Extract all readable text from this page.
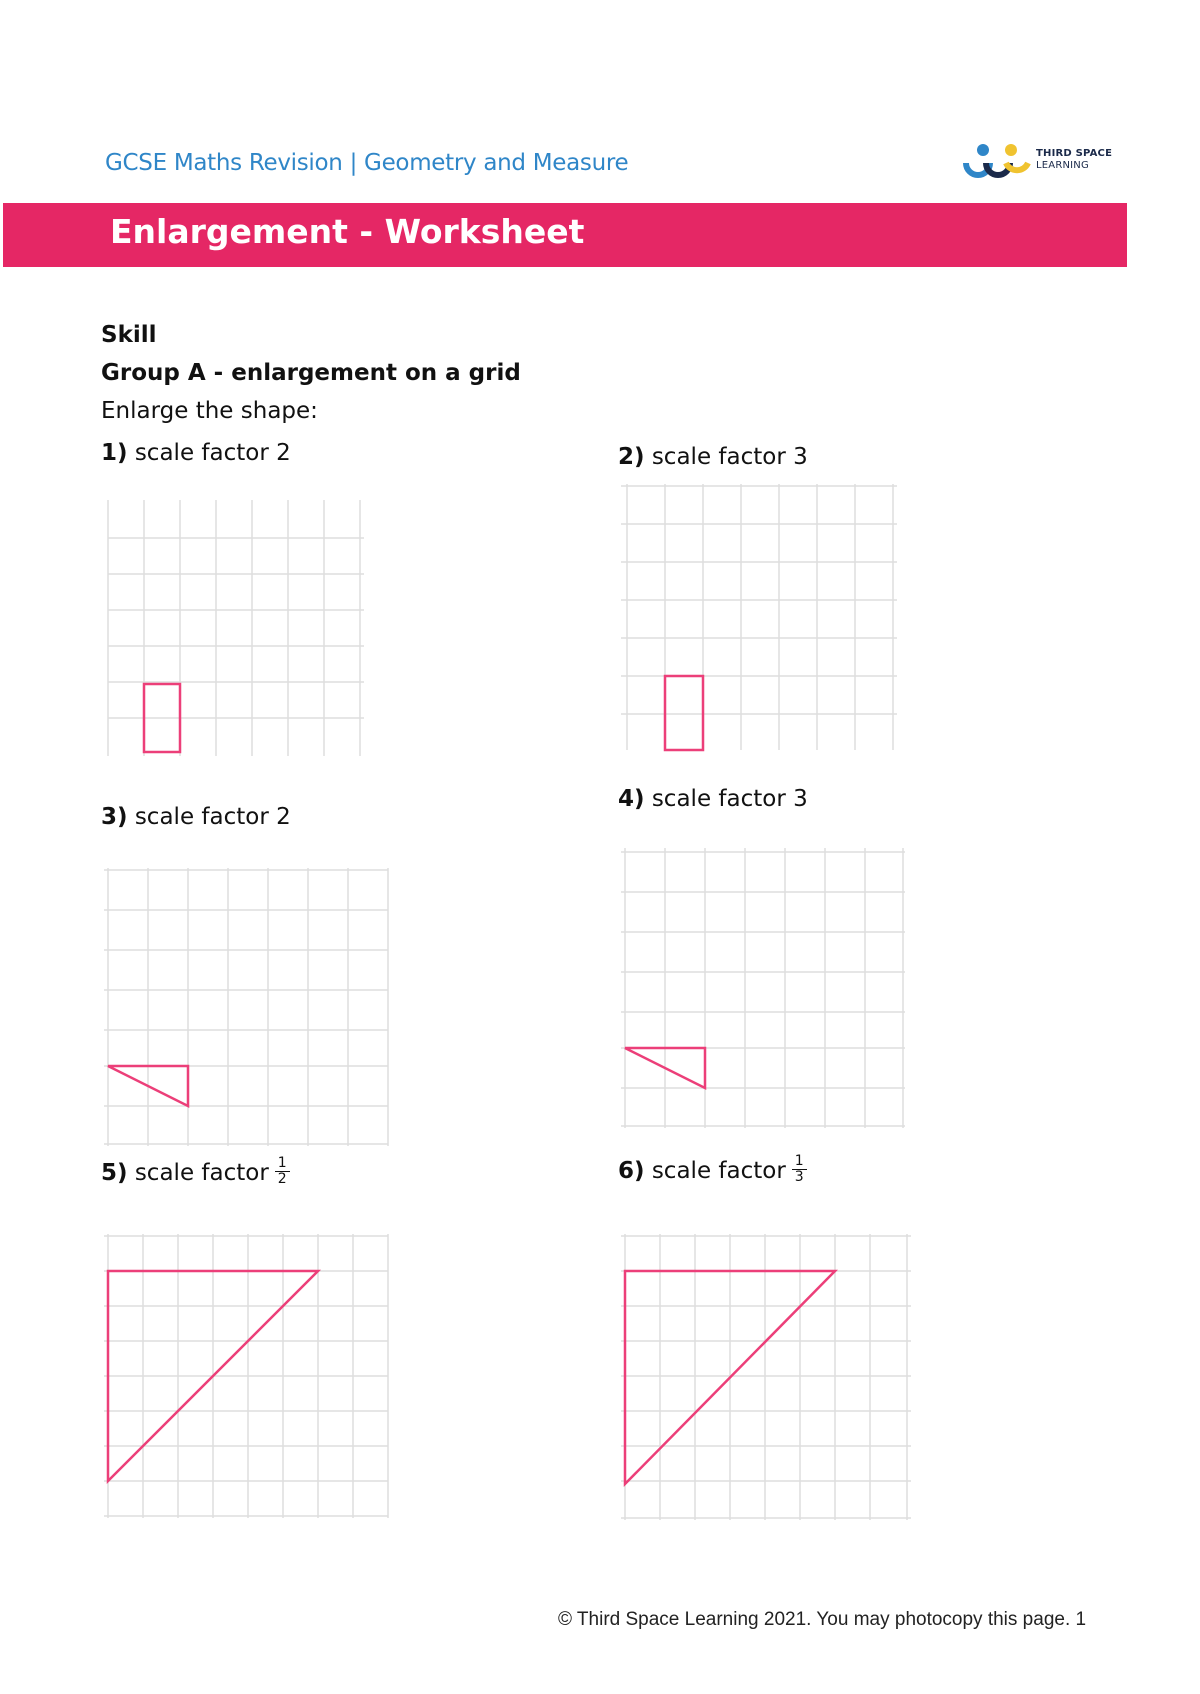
GCSE Maths Revision | Geometry and Measure	THIRD SPACE
LEARNING
Enlargement - Worksheet
Skill
Group A - enlargement on a grid
Enlarge the shape:
1) scale factor 2	2) scale factor 3
3) scale factor 2
4) scale factor 3
5) scale factor $\frac{1}{2}$	6) scale factor $\frac{1}{3}$
© Third Space Learning 2021. You may photocopy this page. 1
